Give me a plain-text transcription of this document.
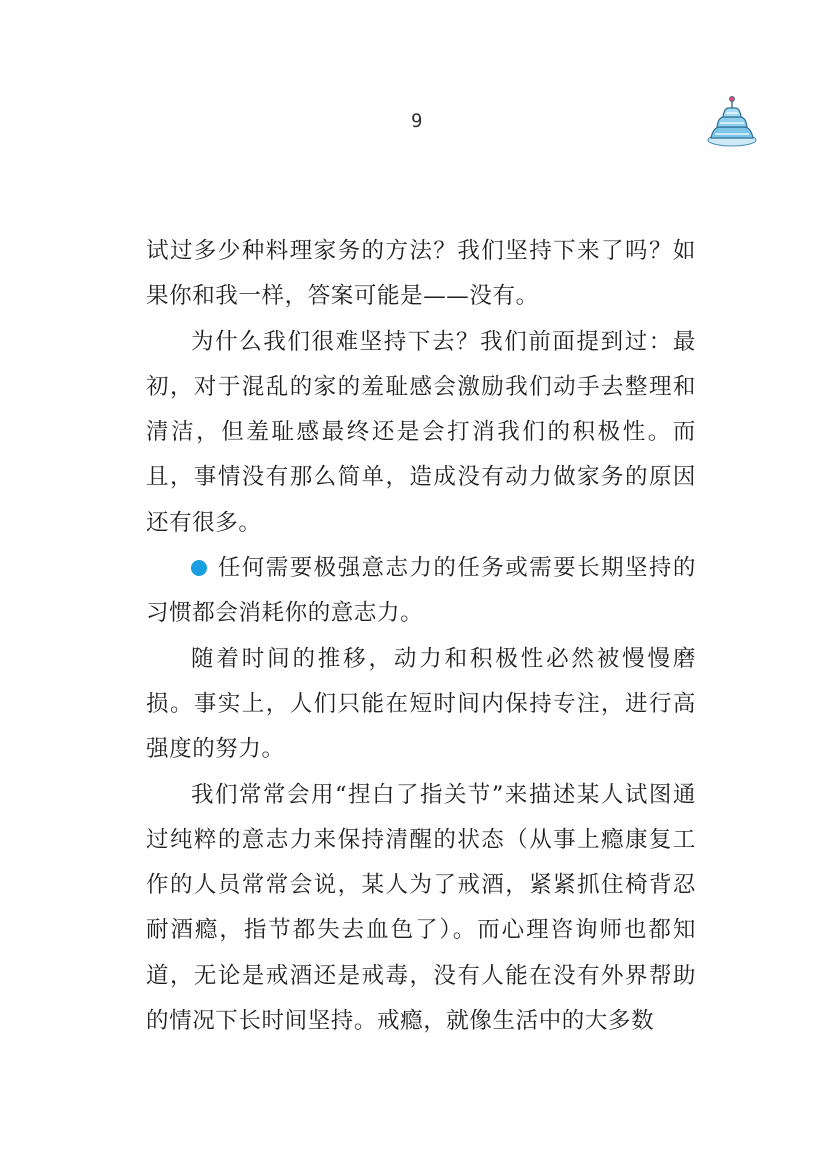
9

试过多少种料理家务的方法？我们坚持下来了吗？如果你和我一样，答案可能是——没有。

为什么我们很难坚持下去？我们前面提到过：最初，对于混乱的家的羞耻感会激励我们动手去整理和清洁，但羞耻感最终还是会打消我们的积极性。而且，事情没有那么简单，造成没有动力做家务的原因还有很多。

任何需要极强意志力的任务或需要长期坚持的习惯都会消耗你的意志力。

随着时间的推移，动力和积极性必然被慢慢磨损。事实上，人们只能在短时间内保持专注，进行高强度的努力。

我们常常会用“捏白了指关节”来描述某人试图通过纯粹的意志力来保持清醒的状态（从事上瘾康复工作的人员常常会说，某人为了戒酒，紧紧抓住椅背忍耐酒瘾，指节都失去血色了）。而心理咨询师也都知道，无论是戒酒还是戒毒，没有人能在没有外界帮助的情况下长时间坚持。戒瘾，就像生活中的大多数
